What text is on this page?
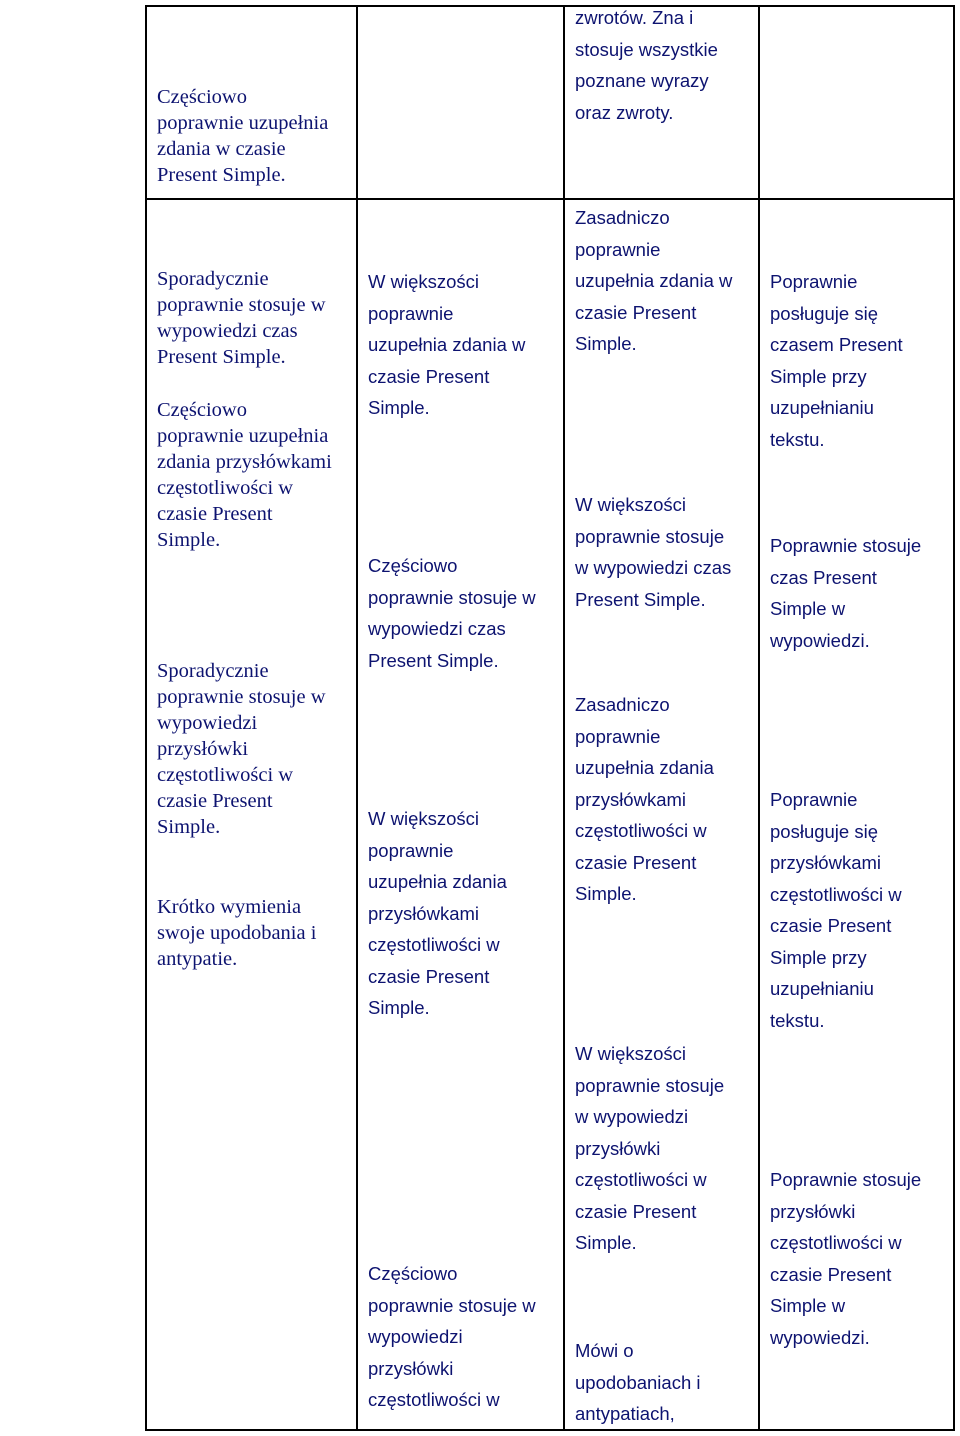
Częściowo
poprawnie uzupełnia
zdania w czasie
Present Simple.

Sporadycznie
poprawnie stosuje w
wypowiedzi czas
Present Simple.

Częściowo
poprawnie uzupełnia
zdania przysłówkami
częstotliwości w
czasie Present
Simple.

Sporadycznie
poprawnie stosuje w
wypowiedzi
przysłówki
częstotliwości w
czasie Present
Simple.

Krótko wymienia
swoje upodobania i
antypatie.

W większości
poprawnie
uzupełnia zdania w
czasie Present
Simple.

Częściowo
poprawnie stosuje w
wypowiedzi czas
Present Simple.

W większości
poprawnie
uzupełnia zdania
przysłówkami
częstotliwości w
czasie Present
Simple.

Częściowo
poprawnie stosuje w
wypowiedzi
przysłówki
częstotliwości w

zwrotów. Zna i
stosuje wszystkie
poznane wyrazy
oraz zwroty.

Zasadniczo
poprawnie
uzupełnia zdania w
czasie Present
Simple.

W większości
poprawnie stosuje
w wypowiedzi czas
Present Simple.

Zasadniczo
poprawnie
uzupełnia zdania
przysłówkami
częstotliwości w
czasie Present
Simple.

W większości
poprawnie stosuje
w wypowiedzi
przysłówki
częstotliwości w
czasie Present
Simple.

Mówi o
upodobaniach i
antypatiach,

Poprawnie
posługuje się
czasem Present
Simple przy
uzupełnianiu
tekstu.

Poprawnie stosuje
czas Present
Simple w
wypowiedzi.

Poprawnie
posługuje się
przysłówkami
częstotliwości w
czasie Present
Simple przy
uzupełnianiu
tekstu.

Poprawnie stosuje
przysłówki
częstotliwości w
czasie Present
Simple w
wypowiedzi.
